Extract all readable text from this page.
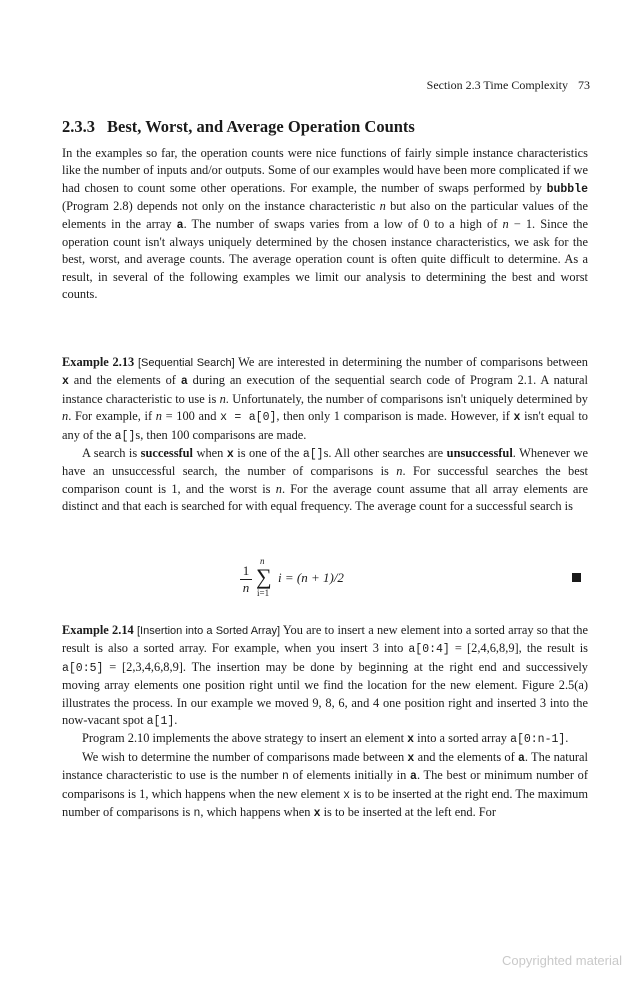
Section 2.3 Time Complexity 73
2.3.3 Best, Worst, and Average Operation Counts

In the examples so far, the operation counts were nice functions of fairly simple instance characteristics like the number of inputs and/or outputs. Some of our examples would have been more complicated if we had chosen to count some other operations. For example, the number of swaps performed by bubble (Program 2.8) depends not only on the instance characteristic n but also on the particular values of the elements in the array a. The number of swaps varies from a low of 0 to a high of n − 1. Since the operation count isn't always uniquely determined by the chosen instance characteristics, we ask for the best, worst, and average counts. The average operation count is often quite difficult to determine. As a result, in several of the following examples we limit our analysis to determining the best and worst counts.

Example 2.13 [Sequential Search] We are interested in determining the number of comparisons between x and the elements of a during an execution of the sequential search code of Program 2.1. A natural instance characteristic to use is n. Unfortunately, the number of comparisons isn't uniquely determined by n. For example, if n = 100 and x = a[0], then only 1 comparison is made. However, if x isn't equal to any of the a[]s, then 100 comparisons are made.

A search is successful when x is one of the a[]s. All other searches are unsuccessful. Whenever we have an unsuccessful search, the number of comparisons is n. For successful searches the best comparison count is 1, and the worst is n. For the average count assume that all array elements are distinct and that each is searched for with equal frequency. The average count for a successful search is

1
n
n
∑
i=1
i = (n + 1)/2

Example 2.14 [Insertion into a Sorted Array] You are to insert a new element into a sorted array so that the result is also a sorted array. For example, when you insert 3 into a[0:4] = [2,4,6,8,9], the result is a[0:5] = [2,3,4,6,8,9]. The insertion may be done by beginning at the right end and successively moving array elements one position right until we find the location for the new element. Figure 2.5(a) illustrates the process. In our example we moved 9, 8, 6, and 4 one position right and inserted 3 into the now-vacant spot a[1].

Program 2.10 implements the above strategy to insert an element x into a sorted array a[0:n-1].

We wish to determine the number of comparisons made between x and the elements of a. The natural instance characteristic to use is the number n of elements initially in a. The best or minimum number of comparisons is 1, which happens when the new element x is to be inserted at the right end. The maximum number of comparisons is n, which happens when x is to be inserted at the left end. For

Copyrighted material
